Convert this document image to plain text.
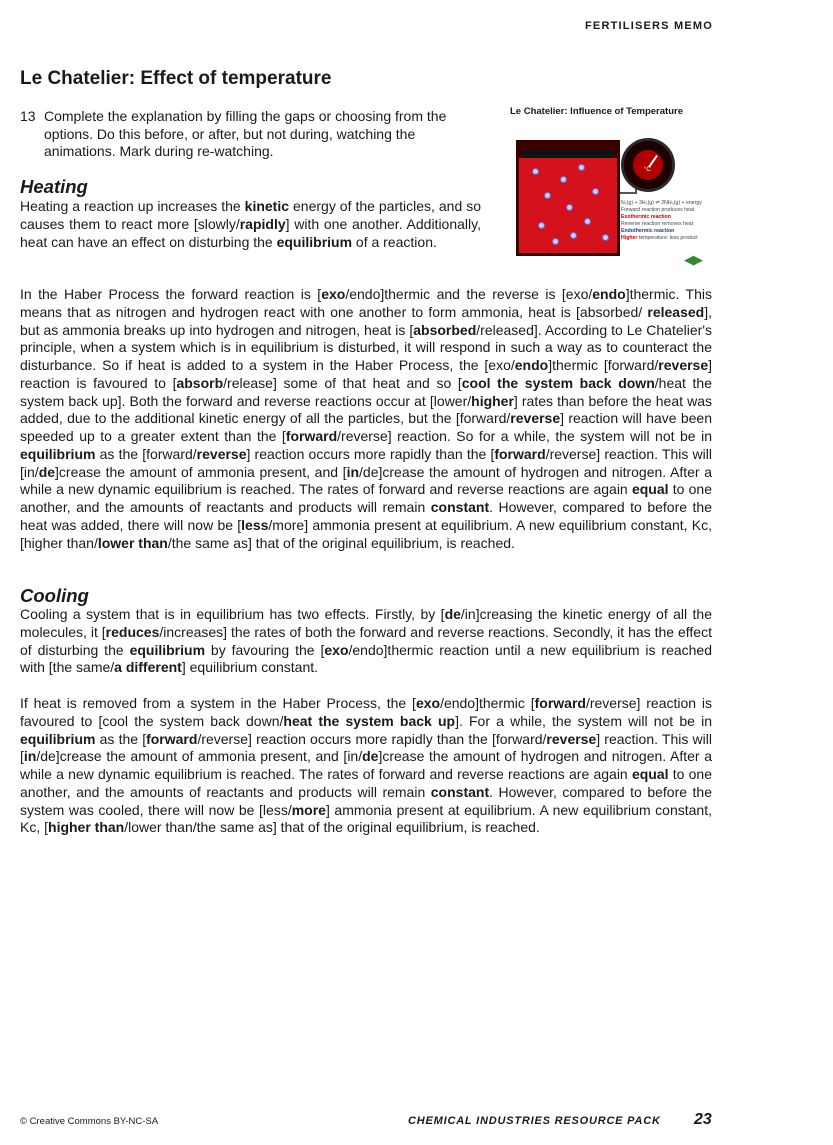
FERTILISERS MEMO
Le Chatelier: Effect of temperature
13 Complete the explanation by filling the gaps or choosing from the options. Do this before, or after, but not during, watching the animations. Mark during re-watching.
Le Chatelier: Influence of Temperature
°C
N₂(g) + 3H₂(g) ⇌ 2NH₃(g) + energy
Forward reaction produces heat
Exothermic reaction
Reverse reaction removes heat
Endothermic reaction
Higher temperature: less product
◀▶
Heating

Heating a reaction up increases the kinetic energy of the particles, and so causes them to react more [slowly/rapidly] with one another. Additionally, heat can have an effect on disturbing the equilibrium of a reaction.

In the Haber Process the forward reaction is [exo/endo]thermic and the reverse is [exo/endo]thermic. This means that as nitrogen and hydrogen react with one another to form ammonia, heat is [absorbed/ released], but as ammonia breaks up into hydrogen and nitrogen, heat is [absorbed/released]. According to Le Chatelier's principle, when a system which is in equilibrium is disturbed, it will respond in such a way as to counteract the disturbance. So if heat is added to a system in the Haber Process, the [exo/endo]thermic [forward/reverse] reaction is favoured to [absorb/release] some of that heat and so [cool the system back down/heat the system back up]. Both the forward and reverse reactions occur at [lower/higher] rates than before the heat was added, due to the additional kinetic energy of all the particles, but the [forward/reverse] reaction will have been speeded up to a greater extent than the [forward/reverse] reaction. So for a while, the system will not be in equilibrium as the [forward/reverse] reaction occurs more rapidly than the [forward/reverse] reaction. This will [in/de]crease the amount of ammonia present, and [in/de]crease the amount of hydrogen and nitrogen. After a while a new dynamic equilibrium is reached. The rates of forward and reverse reactions are again equal to one another, and the amounts of reactants and products will remain constant. However, compared to before the heat was added, there will now be [less/more] ammonia present at equilibrium. A new equilibrium constant, Kc, [higher than/lower than/the same as] that of the original equilibrium, is reached.

Cooling

Cooling a system that is in equilibrium has two effects. Firstly, by [de/in]creasing the kinetic energy of all the molecules, it [reduces/increases] the rates of both the forward and reverse reactions. Secondly, it has the effect of disturbing the equilibrium by favouring the [exo/endo]thermic reaction until a new equilibrium is reached with [the same/a different] equilibrium constant.

If heat is removed from a system in the Haber Process, the [exo/endo]thermic [forward/reverse] reaction is favoured to [cool the system back down/heat the system back up]. For a while, the system will not be in equilibrium as the [forward/reverse] reaction occurs more rapidly than the [forward/reverse] reaction. This will [in/de]crease the amount of ammonia present, and [in/de]crease the amount of hydrogen and nitrogen. After a while a new dynamic equilibrium is reached. The rates of forward and reverse reactions are again equal to one another, and the amounts of reactants and products will remain constant. However, compared to before the system was cooled, there will now be [less/more] ammonia present at equilibrium. A new equilibrium constant, Kc, [higher than/lower than/the same as] that of the original equilibrium, is reached.

© Creative Commons BY-NC-SA	CHEMICAL INDUSTRIES RESOURCE PACK 23
